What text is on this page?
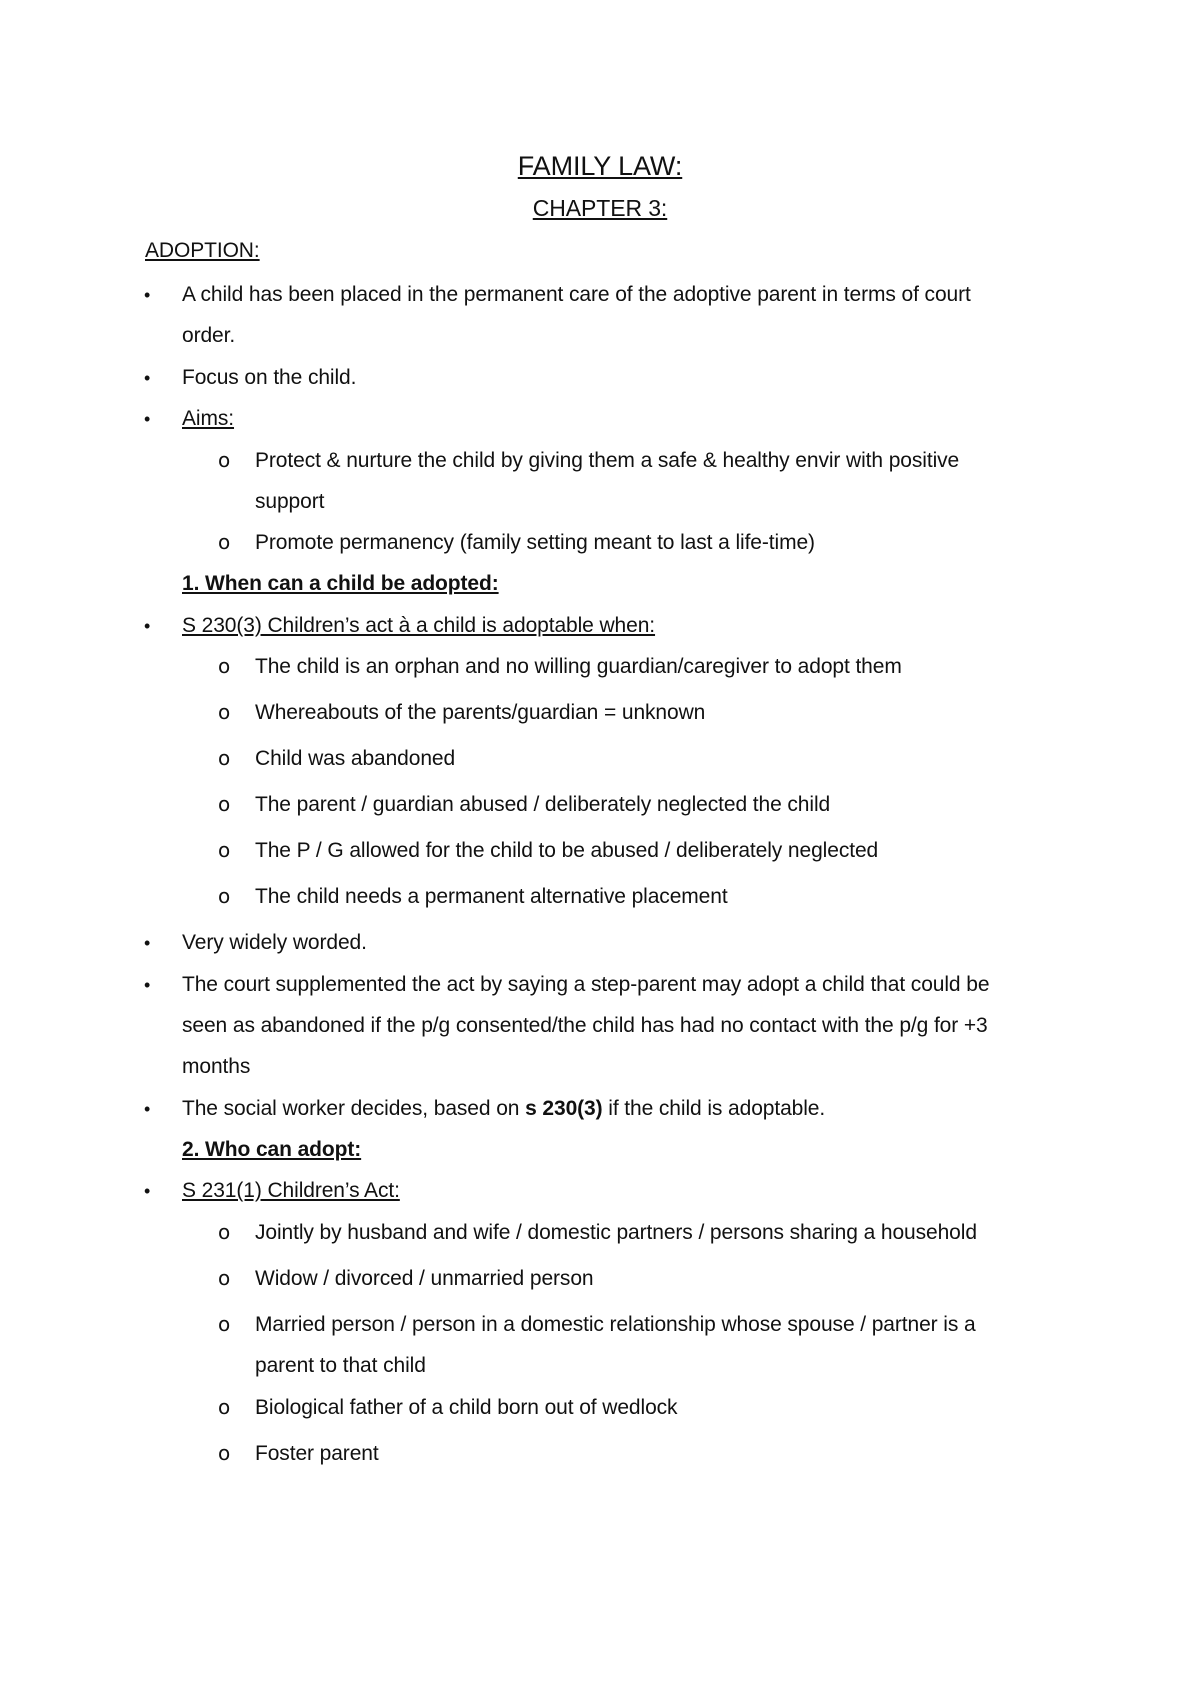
FAMILY LAW:
CHAPTER 3:
ADOPTION:
• A child has been placed in the permanent care of the adoptive parent in terms of court
order.
• Focus on the child.
• Aims:
o Protect & nurture the child by giving them a safe & healthy envir with positive
support
o Promote permanency (family setting meant to last a life-time)
1. When can a child be adopted:
• S 230(3) Children’s act à a child is adoptable when:
o The child is an orphan and no willing guardian/caregiver to adopt them
o Whereabouts of the parents/guardian = unknown
o Child was abandoned
o The parent / guardian abused / deliberately neglected the child
o The P / G allowed for the child to be abused / deliberately neglected
o The child needs a permanent alternative placement
• Very widely worded.
• The court supplemented the act by saying a step-parent may adopt a child that could be
seen as abandoned if the p/g consented/the child has had no contact with the p/g for +3
months
• The social worker decides, based on s 230(3) if the child is adoptable.
2. Who can adopt:
• S 231(1) Children’s Act:
o Jointly by husband and wife / domestic partners / persons sharing a household
o Widow / divorced / unmarried person
o Married person / person in a domestic relationship whose spouse / partner is a
parent to that child
o Biological father of a child born out of wedlock
o Foster parent
